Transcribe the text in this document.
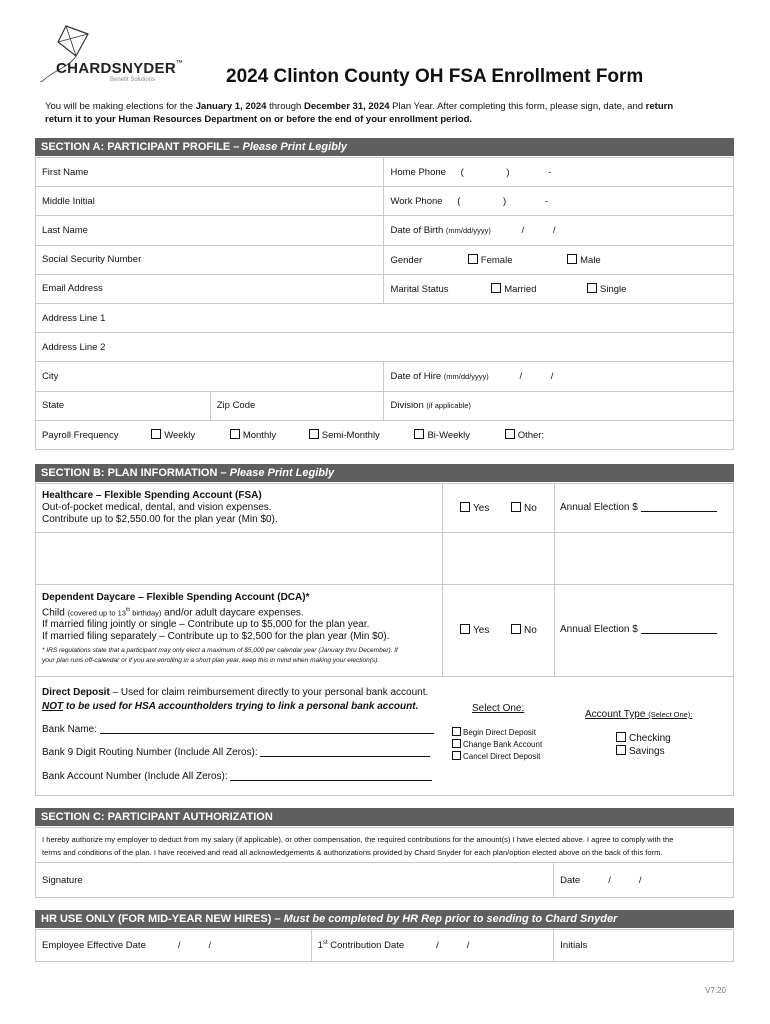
CHARDSNYDER™
Benefit Solutions	2024 Clinton County OH FSA Enrollment Form
You will be making elections for the January 1, 2024 through December 31, 2024 Plan Year. After completing this form, please sign, date, and return
return it to your Human Resources Department on or before the end of your enrollment period.
SECTION A: PARTICIPANT PROFILE – Please Print Legibly
First Name		Home Phone ( ) -
Middle Initial		Work Phone ( ) -
Last Name		Date of Birth (mm/dd/yyyy) / /
Social Security Number		Gender Female Male
Email Address		Marital Status Married Single
Address Line 1		
Address Line 2		
City		Date of Hire (mm/dd/yyyy) / /
State	Zip Code	Division (if applicable)
Payroll Frequency Weekly Monthly Semi-Monthly Bi-Weekly Other:		
SECTION B: PLAN INFORMATION – Please Print Legibly
Healthcare – Flexible Spending Account (FSA)
Out-of-pocket medical, dental, and vision expenses.
Contribute up to $2,550.00 for the plan year (Min $0).
Yes	No Annual Election $
Dependent Daycare – Flexible Spending Account (DCA)*
Child (covered up to 13th birthday) and/or adult daycare expenses.
If married filing jointly or single – Contribute up to $5,000 for the plan year.
If married filing separately – Contribute up to $2,500 for the plan year (Min $0).
* IRS regulations state that a participant may only elect a maximum of $5,000 per calendar year (January thru December). If
your plan runs off-calendar or if you are enrolling in a short plan year, keep this in mind when making your election(s).
Yes	No Annual Election $
Direct Deposit – Used for claim reimbursement directly to your personal bank account.
NOT to be used for HSA accountholders trying to link a personal bank account.
Bank Name:
Bank 9 Digit Routing Number (Include All Zeros):
Bank Account Number (Include All Zeros):
Select One:
Begin Direct Deposit
Change Bank Account
Cancel Direct Deposit
Account Type (Select One):
Checking
Savings
SECTION C: PARTICIPANT AUTHORIZATION
I hereby authorize my employer to deduct from my salary (if applicable), or other compensation, the required contributions for the amount(s) I have elected above. I agree to comply with the
terms and conditions of the plan. I have received and read all acknowledgements & authorizations provided by Chard Snyder for each plan/option elected above on the back of this form.
Signature	Date	/	/
HR USE ONLY (FOR MID-YEAR NEW HIRES) – Must be completed by HR Rep prior to sending to Chard Snyder
Employee Effective Date	/	/	1st Contribution Date	/	/	Initials
V7.20
